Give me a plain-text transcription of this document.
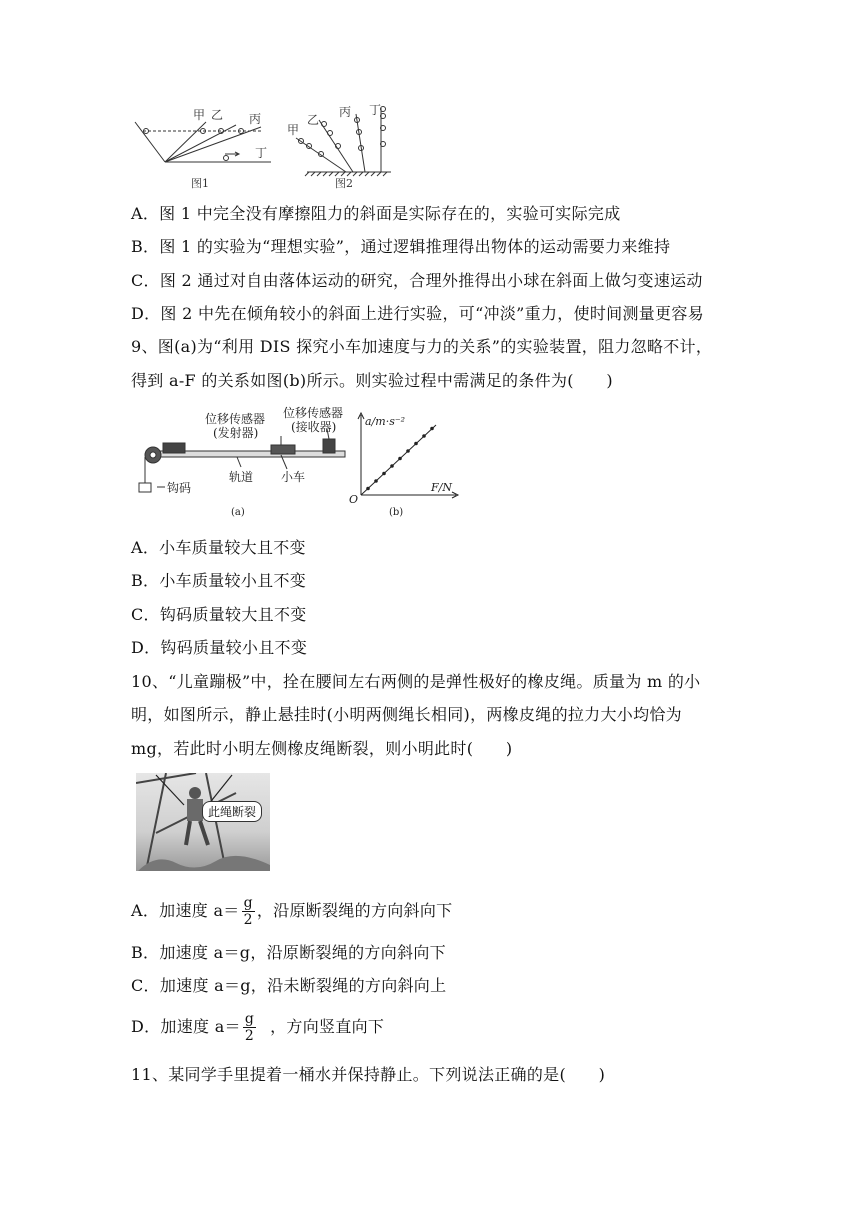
甲 乙 丙
丁
图1
甲
乙
丙 丁
图2
A．图 1 中完全没有摩擦阻力的斜面是实际存在的，实验可实际完成
B．图 1 的实验为“理想实验”，通过逻辑推理得出物体的运动需要力来维持
C．图 2 通过对自由落体运动的研究，合理外推得出小球在斜面上做匀变速运动
D．图 2 中先在倾角较小的斜面上进行实验，可“冲淡”重力，使时间测量更容易
9、图(a)为“利用 DIS 探究小车加速度与力的关系”的实验装置，阻力忽略不计，
得到 a-F 的关系如图(b)所示。则实验过程中需满足的条件为(　　)
位移传感器
(发射器)
位移传感器
(接收器)
钩码
轨道 小车
(a)
a/m·s⁻²
F/N
O
(b)
A．小车质量较大且不变
B．小车质量较小且不变
C．钩码质量较大且不变
D．钩码质量较小且不变
10、“儿童蹦极”中，拴在腰间左右两侧的是弹性极好的橡皮绳。质量为 m 的小
明，如图所示，静止悬挂时(小明两侧绳长相同)，两橡皮绳的拉力大小均恰为
mg，若此时小明左侧橡皮绳断裂，则小明此时(　　)
此绳断裂
A．加速度 $a= \frac{g}{2}$ ，沿原断裂绳的方向斜向下
B．加速度 a＝g，沿原断裂绳的方向斜向下
C．加速度 a＝g，沿未断裂绳的方向斜向上
D．加速度 $a= \frac{g}{2}$ ，方向竖直向下
11、某同学手里提着一桶水并保持静止。下列说法正确的是(　　)
